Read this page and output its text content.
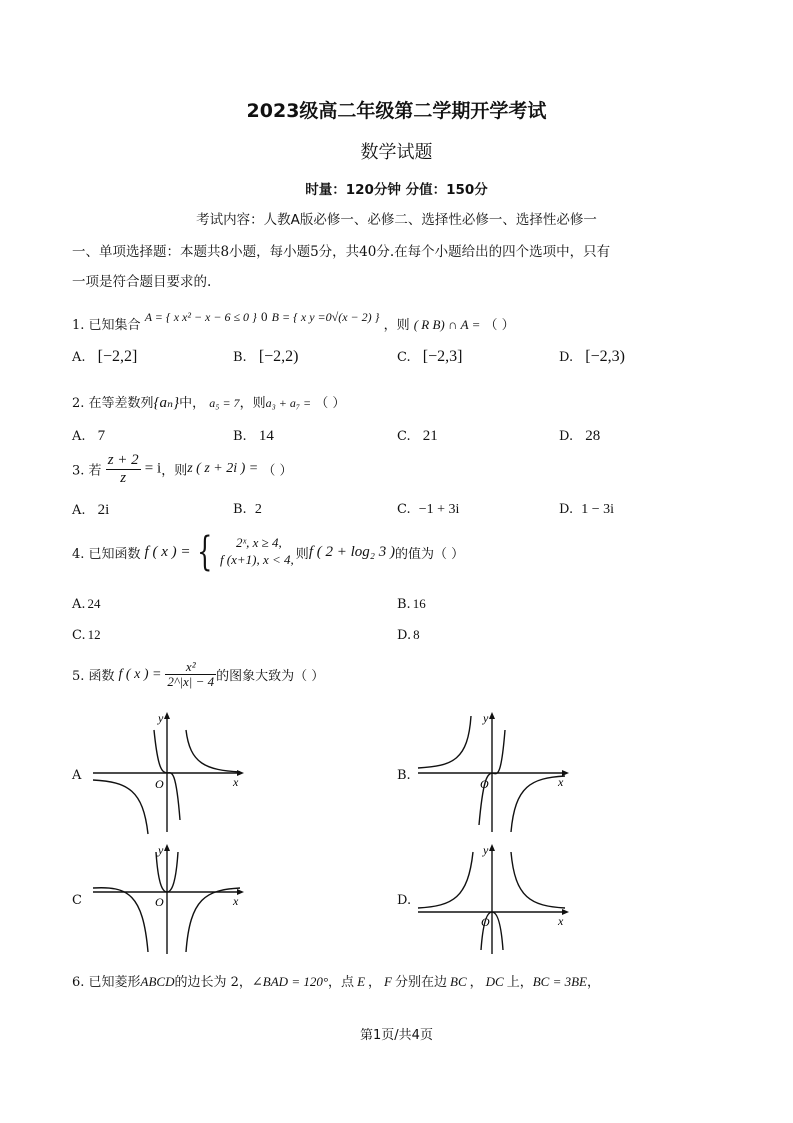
2023级高二年级第二学期开学考试
数学试题
时量：120分钟 分值：150分
考试内容：人教A版必修一、必修二、选择性必修一、选择性必修一
一、单项选择题：本题共8小题，每小题5分，共40分.在每个小题给出的四个选项中，只有
一项是符合题目要求的.
1. 已知集合 A = { x x² − x − 6 ≤ 0 } 0 B = { x y =0√(x − 2) } ，则 ( R B) ∩ A = （ ）
A. [−2,2]	B. [−2,2)	C. [−2,3]	D. [−2,3)
2. 在等差数列{aₙ}中， a₅ = 7，则a₃ + a₇ = （ ）
A. 7	B. 14	C. 21	D. 28
3. 若 $\frac{z + 2}{z} = i$，则z ( z + 2i ) = （ ）
A. 2i	B. 2	C. −1 + 3i	D. 1 − 3i
4. 已知函数 f ( x ) = {	2ˣ, x ≥ 4,
f (x+1), x < 4, 则 f ( 2 + log₂ 3 ) 的值为（ ）
A. 24	B. 16
C. 12	D. 8
5. 函数 f ( x ) = $\frac{\text{x²}}{2\^{}|x| - 4}$ 的图象大致为（ ）
A	B.
C	D.
y
x
O
y
x
O
y
x
O
y
x
O
6. 已知菱形ABCD的边长为 2，∠BAD = 120°，点 E ， F 分别在边 BC ， DC 上，BC = 3BE，
第1页/共4页
